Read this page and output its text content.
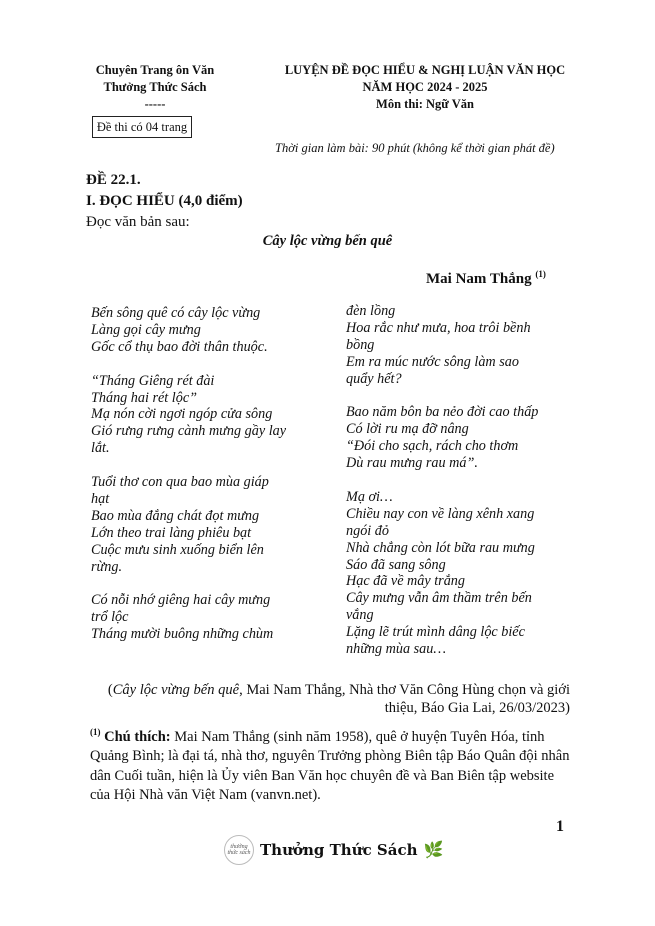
Chuyên Trang ôn Văn
Thưởng Thức Sách
-----
LUYỆN ĐỀ ĐỌC HIỂU & NGHỊ LUẬN VĂN HỌC
NĂM HỌC 2024 - 2025
Môn thi: Ngữ Văn
Đề thi có 04 trang
Thời gian làm bài: 90 phút (không kể thời gian phát đề)
ĐỀ 22.1.
I. ĐỌC HIỂU (4,0 điểm)
Đọc văn bản sau:
Cây lộc vừng bến quê
Mai Nam Thắng $^{(1)}$
Bến sông quê có cây lộc vừng
Làng gọi cây mưng
Gốc cổ thụ bao đời thân thuộc.
“Tháng Giêng rét đài
Tháng hai rét lộc”
Mạ nón cời ngơi ngóp cửa sông
Gió rưng rưng cành mưng gầy lay
lắt.
Tuổi thơ con qua bao mùa giáp
hạt
Bao mùa đắng chát đọt mưng
Lớn theo trai làng phiêu bạt
Cuộc mưu sinh xuống biển lên
rừng.
Có nỗi nhớ giêng hai cây mưng
trổ lộc
Tháng mười buông những chùm
đèn lồng
Hoa rắc như mưa, hoa trôi bềnh
bồng
Em ra múc nước sông làm sao
quẩy hết?
Bao năm bôn ba nẻo đời cao thấp
Có lời ru mạ đỡ nâng
“Đói cho sạch, rách cho thơm
Dù rau mưng rau má”.
Mạ ơi…
Chiều nay con về làng xênh xang
ngói đỏ
Nhà chẳng còn lót bữa rau mưng
Sáo đã sang sông
Hạc đã về mây trắng
Cây mưng vẫn âm thầm trên bến
vắng
Lặng lẽ trút mình dâng lộc biếc
những mùa sau…
(Cây lộc vừng bến quê, Mai Nam Thắng, Nhà thơ Văn Công Hùng chọn và giới
thiệu, Báo Gia Lai, 26/03/2023)
$^{(1)}$ Chú thích: Mai Nam Thắng (sinh năm 1958), quê ở huyện Tuyên Hóa, tỉnh Quảng Bình; là đại tá, nhà thơ, nguyên Trưởng phòng Biên tập Báo Quân đội nhân dân Cuối tuần, hiện là Ủy viên Ban Văn học chuyên đề và Ban Biên tập website của Hội Nhà văn Việt Nam (vanvn.net).
1
thưởng thức sách Thưởng Thức Sách 🌿
